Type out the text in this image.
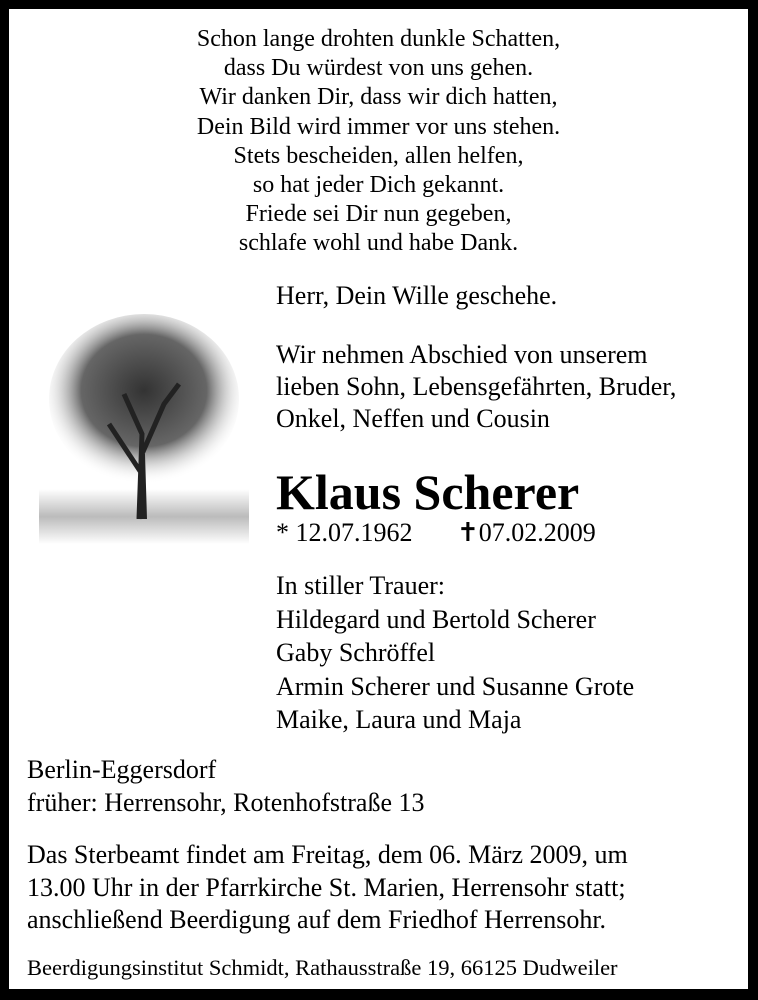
Schon lange drohten dunkle Schatten,
dass Du würdest von uns gehen.
Wir danken Dir, dass wir dich hatten,
Dein Bild wird immer vor uns stehen.
Stets bescheiden, allen helfen,
so hat jeder Dich gekannt.
Friede sei Dir nun gegeben,
schlafe wohl und habe Dank.
Herr, Dein Wille geschehe.
Wir nehmen Abschied von unserem
lieben Sohn, Lebensgefährten, Bruder,
Onkel, Neffen und Cousin
Klaus Scherer
* 12.07.1962 ✝07.02.2009
In stiller Trauer:
Hildegard und Bertold Scherer
Gaby Schröffel
Armin Scherer und Susanne Grote
Maike, Laura und Maja
Berlin-Eggersdorf
früher: Herrensohr, Rotenhofstraße 13
Das Sterbeamt findet am Freitag, dem 06. März 2009, um
13.00 Uhr in der Pfarrkirche St. Marien, Herrensohr statt;
anschließend Beerdigung auf dem Friedhof Herrensohr.
Beerdigungsinstitut Schmidt, Rathausstraße 19, 66125 Dudweiler
